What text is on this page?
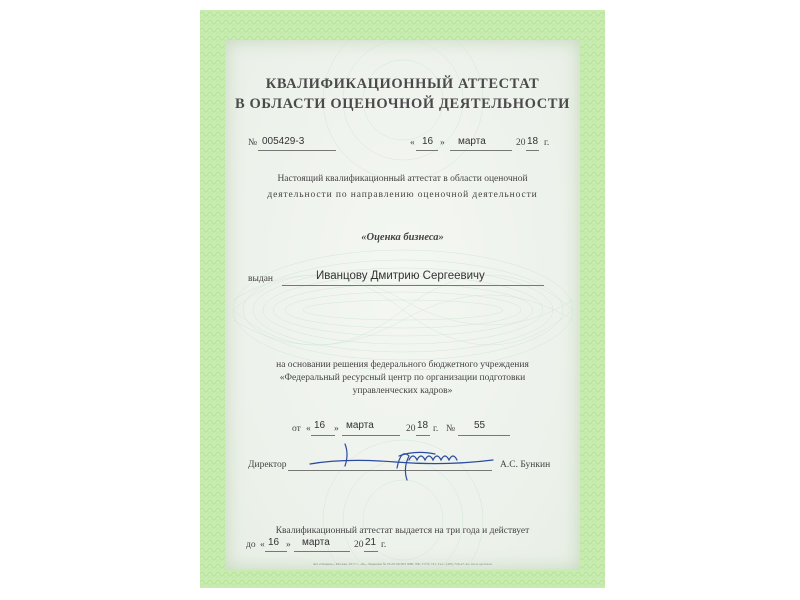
КВАЛИФИКАЦИОННЫЙ АТТЕСТАТ
В ОБЛАСТИ ОЦЕНОЧНОЙ ДЕЯТЕЛЬНОСТИ
№ 005429-3	« 16 » марта	20 18 г.
Настоящий квалификационный аттестат в области оценочной
деятельности по направлению оценочной деятельности
«Оценка бизнеса»
выдан	Иванцову Дмитрию Сергеевичу
на основании решения федерального бюджетного учреждения
«Федеральный ресурсный центр по организации подготовки
управленческих кадров»
от « 16 » марта	20 18 г. № 55
Директор	А.С. Бункин
Квалификационный аттестат выдается на три года и действует
до « 16 » марта	20 21 г.
АО «Опцион», Москва, 2017 г., «Б», Лицензия № 05-05-06/003 ФНС РФ, ТЗ № 741, Тел.: (495) 726-47-42, www.opcion.ru
